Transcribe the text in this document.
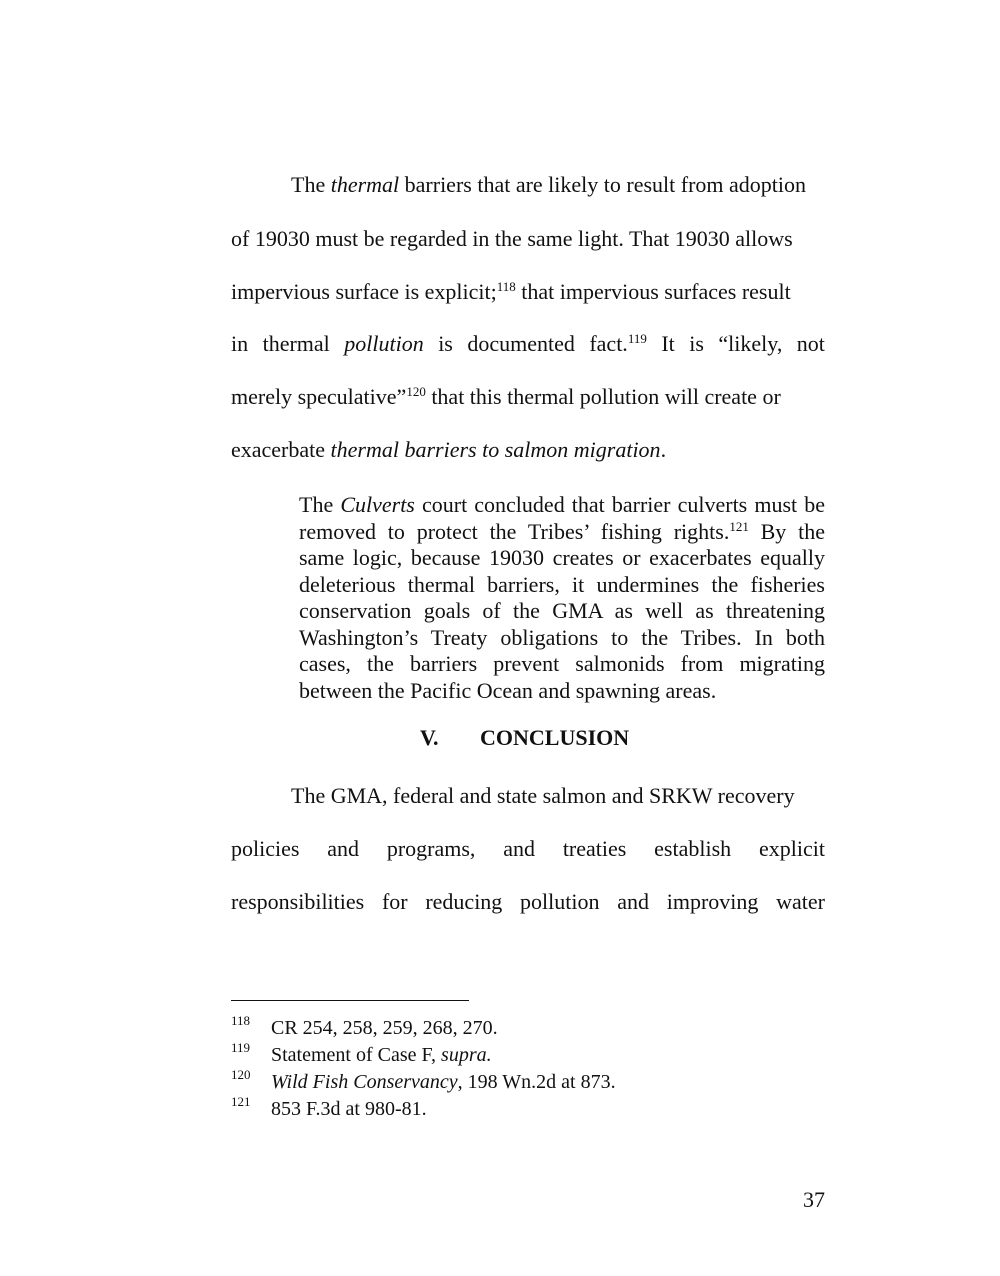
The thermal barriers that are likely to result from adoption
of 19030 must be regarded in the same light. That 19030 allows
impervious surface is explicit;$^{118}$ that impervious surfaces result
in thermal pollution is documented fact.$^{119}$ It is “likely, not
merely speculative”$^{120}$ that this thermal pollution will create or
exacerbate thermal barriers to salmon migration.

The Culverts court concluded that barrier culverts must be removed to protect the Tribes’ fishing rights.$^{121}$ By the same logic, because 19030 creates or exacerbates equally deleterious thermal barriers, it undermines the fisheries conservation goals of the GMA as well as threatening Washington’s Treaty obligations to the Tribes. In both cases, the barriers prevent salmonids from migrating between the Pacific Ocean and spawning areas.

V. CONCLUSION
The GMA, federal and state salmon and SRKW recovery
policies and programs, and treaties establish explicit
responsibilities for reducing pollution and improving water
118 CR 254, 258, 259, 268, 270.
119 Statement of Case F, supra.
120 Wild Fish Conservancy, 198 Wn.2d at 873.
121 853 F.3d at 980-81.
37
